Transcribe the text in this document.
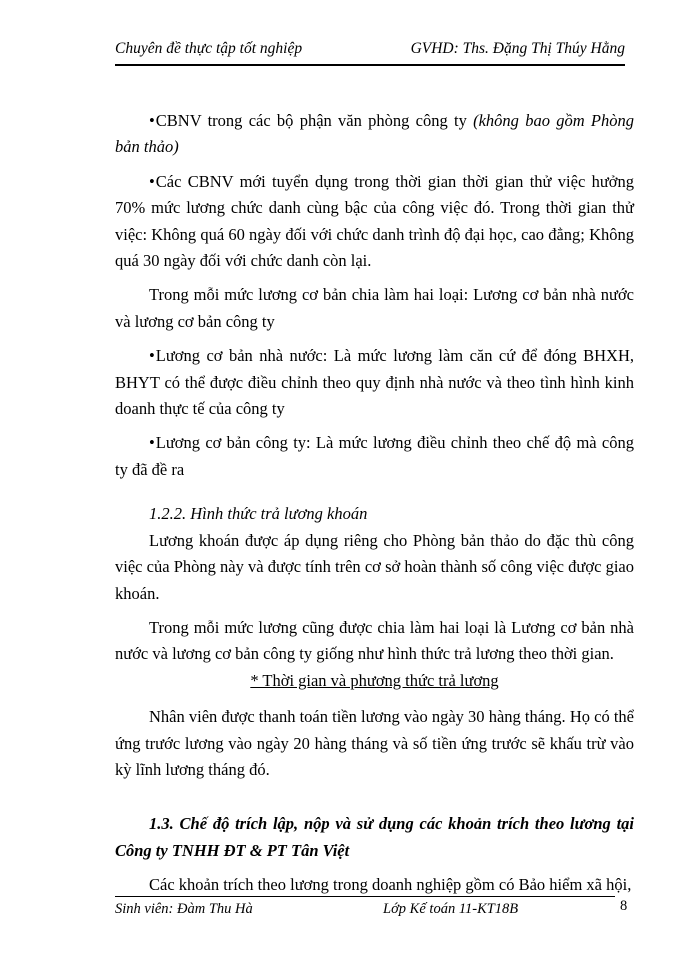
Chuyên đề thực tập tốt nghiệp	GVHD: Ths. Đặng Thị Thúy Hằng

•CBNV trong các bộ phận văn phòng công ty (không bao gồm Phòng bản thảo)

•Các CBNV mới tuyển dụng trong thời gian thời gian thử việc hưởng 70% mức lương chức danh cùng bậc của công việc đó. Trong thời gian thử việc: Không quá 60 ngày đối với chức danh trình độ đại học, cao đẳng; Không quá 30 ngày đối với chức danh còn lại.

Trong mỗi mức lương cơ bản chia làm hai loại: Lương cơ bản nhà nước và lương cơ bản công ty

•Lương cơ bản nhà nước: Là mức lương làm căn cứ để đóng BHXH, BHYT có thể được điều chỉnh theo quy định nhà nước và theo tình hình kinh doanh thực tế của công ty

•Lương cơ bản công ty: Là mức lương điều chỉnh theo chế độ mà công ty đã đề ra

1.2.2. Hình thức trả lương khoán

Lương khoán được áp dụng riêng cho Phòng bản thảo do đặc thù công việc của Phòng này và được tính trên cơ sở hoàn thành số công việc được giao khoán.

Trong mỗi mức lương cũng được chia làm hai loại là Lương cơ bản nhà nước và lương cơ bản công ty giống như hình thức trả lương theo thời gian.

* Thời gian và phương thức trả lương

Nhân viên được thanh toán tiền lương vào ngày 30 hàng tháng. Họ có thể ứng trước lương vào ngày 20 hàng tháng và số tiền ứng trước sẽ khấu trừ vào kỳ lĩnh lương tháng đó.

1.3. Chế độ trích lập, nộp và sử dụng các khoản trích theo lương tại Công ty TNHH ĐT & PT Tân Việt

Các khoản trích theo lương trong doanh nghiệp gồm có Bảo hiểm xã hội,

Sinh viên: Đàm Thu Hà	Lớp Kế toán 11-KT18B	8
